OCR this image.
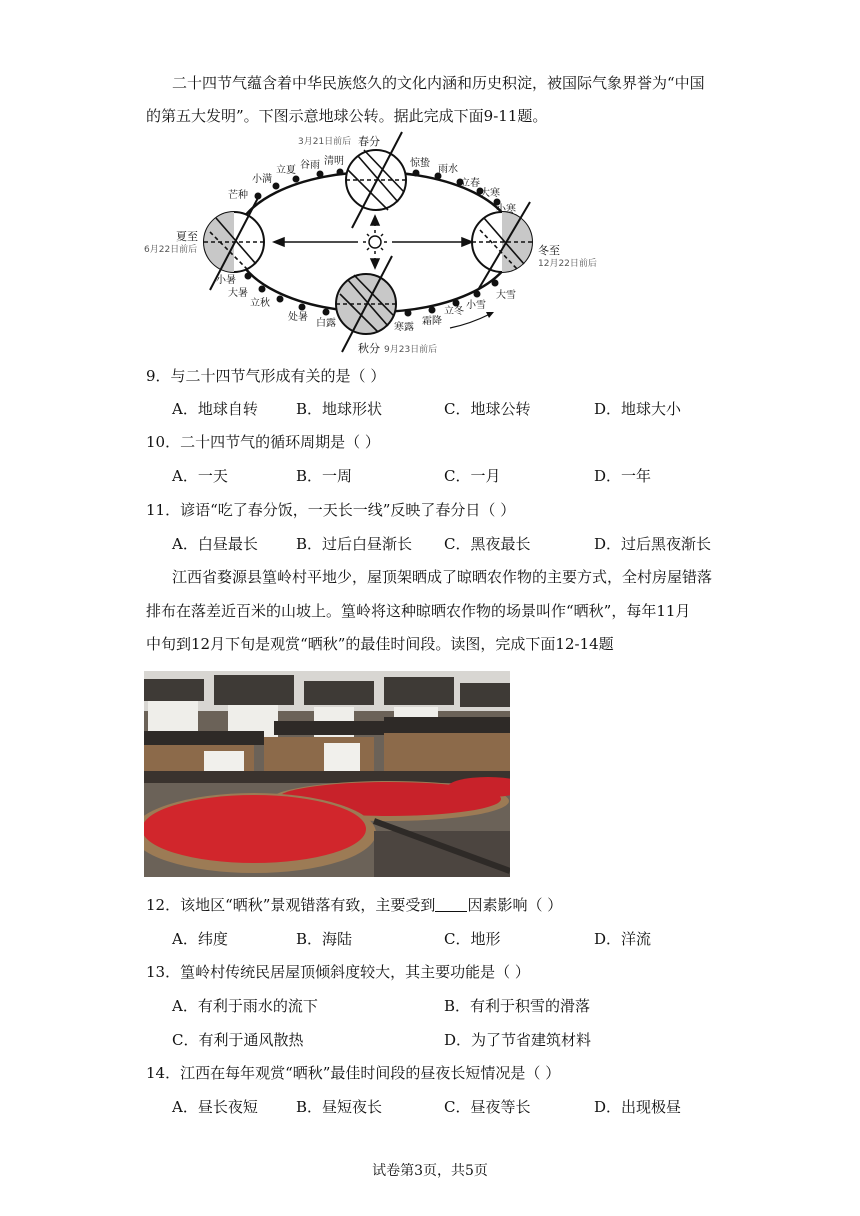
二十四节气蕴含着中华民族悠久的文化内涵和历史积淀，被国际气象界誉为“中国
的第五大发明”。下图示意地球公转。据此完成下面9-11题。
3月21日前后 春分
夏至
6月22日前后	冬至
12月22日前后
秋分 9月23日前后
芒种
小满
立夏 谷雨 清明	惊蛰
雨水
立春
大寒
小寒
大雪
小雪
立冬
霜降
寒露
白露
处暑
立秋
大暑
小暑
9．与二十四节气形成有关的是（ ）
A．地球自转	B．地球形状	C．地球公转	D．地球大小
10．二十四节气的循环周期是（ ）
A．一天	B．一周	C．一月	D．一年
11．谚语“吃了春分饭，一天长一线”反映了春分日（ ）
A．白昼最长	B．过后白昼渐长 C．黑夜最长	D．过后黑夜渐长
江西省婺源县篁岭村平地少，屋顶架晒成了晾晒农作物的主要方式，全村房屋错落
排布在落差近百米的山坡上。篁岭将这种晾晒农作物的场景叫作“晒秋”，每年11月
中旬到12月下旬是观赏“晒秋”的最佳时间段。读图，完成下面12-14题
12．该地区“晒秋”景观错落有致，主要受到 因素影响（ ）
A．纬度	B．海陆	C．地形	D．洋流
13．篁岭村传统民居屋顶倾斜度较大，其主要功能是（ ）
A．有利于雨水的流下	B．有利于积雪的滑落
C．有利于通风散热	D．为了节省建筑材料
14．江西在每年观赏“晒秋”最佳时间段的昼夜长短情况是（ ）
A．昼长夜短	B．昼短夜长	C．昼夜等长	D．出现极昼
试卷第3页，共5页
